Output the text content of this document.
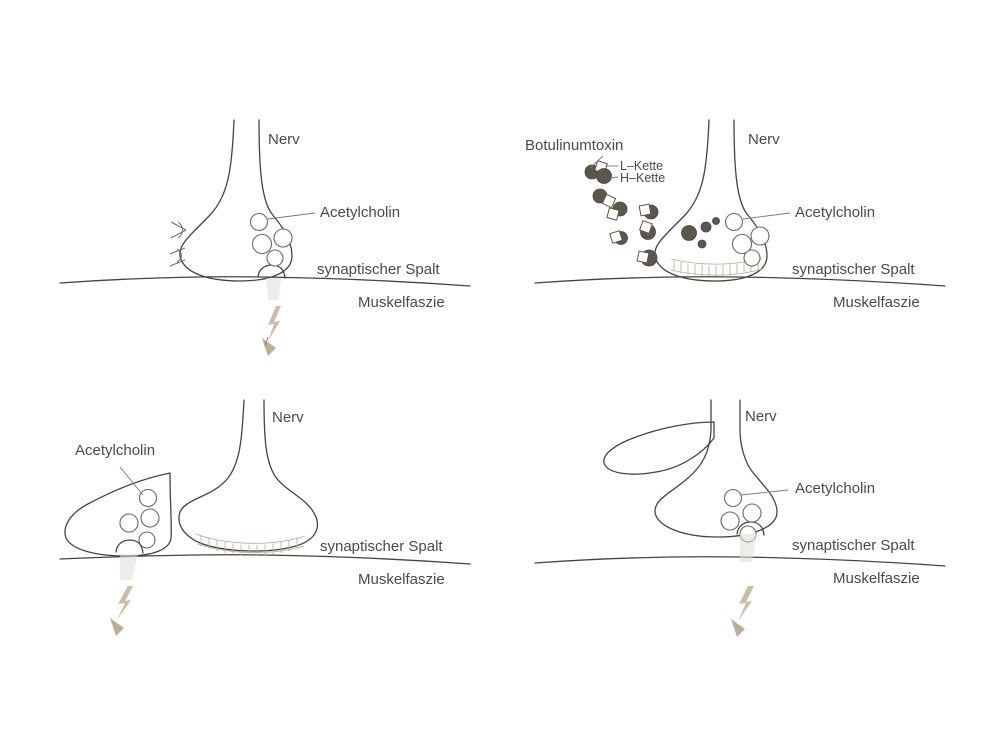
Nerv
Acetylcholin
synaptischer Spalt
Muskelfaszie
Nerv
Botulinumtoxin
L–Kette
H–Kette
Acetylcholin
synaptischer Spalt
Muskelfaszie
Nerv
Acetylcholin
synaptischer Spalt
Muskelfaszie
Nerv
Acetylcholin
synaptischer Spalt
Muskelfaszie
